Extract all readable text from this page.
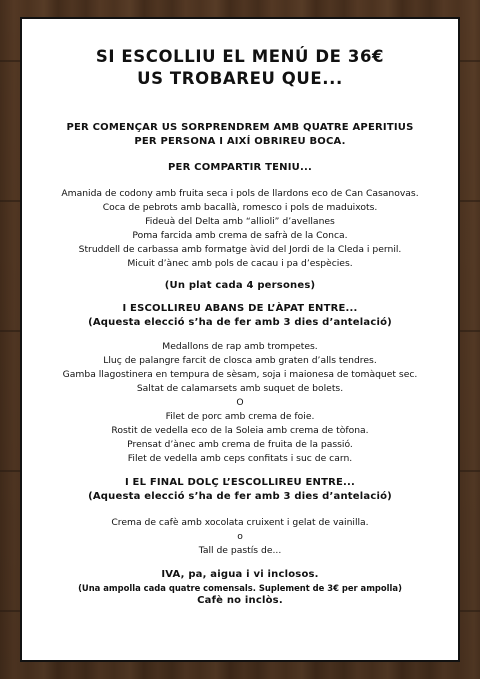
SI ESCOLLIU EL MENÚ DE 36€
US TROBAREU QUE...
PER COMENÇAR US SORPRENDREM AMB QUATRE APERITIUS
PER PERSONA I AIXÍ OBRIREU BOCA.
PER COMPARTIR TENIU...
Amanida de codony amb fruita seca i pols de llardons eco de Can Casanovas.
Coca de pebrots amb bacallà, romesco i pols de maduixots.
Fideuà del Delta amb “allioli” d’avellanes
Poma farcida amb crema de safrà de la Conca.
Struddell de carbassa amb formatge àvid del Jordi de la Cleda i pernil.
Micuit d’ànec amb pols de cacau i pa d’espècies.
(Un plat cada 4 persones)
I ESCOLLIREU ABANS DE L’ÀPAT ENTRE...
(Aquesta elecció s’ha de fer amb 3 dies d’antelació)
Medallons de rap amb trompetes.
Lluç de palangre farcit de closca amb graten d’alls tendres.
Gamba llagostinera en tempura de sèsam, soja i maionesa de tomàquet sec.
Saltat de calamarsets amb suquet de bolets.
O
Filet de porc amb crema de foie.
Rostit de vedella eco de la Soleia amb crema de tòfona.
Prensat d’ànec amb crema de fruita de la passió.
Filet de vedella amb ceps confitats i suc de carn.
I EL FINAL DOLÇ L’ESCOLLIREU ENTRE...
(Aquesta elecció s’ha de fer amb 3 dies d’antelació)
Crema de cafè amb xocolata cruixent i gelat de vainilla.
o
Tall de pastís de...
IVA, pa, aigua i vi inclosos.
(Una ampolla cada quatre comensals. Suplement de 3€ per ampolla)
Cafè no inclòs.
